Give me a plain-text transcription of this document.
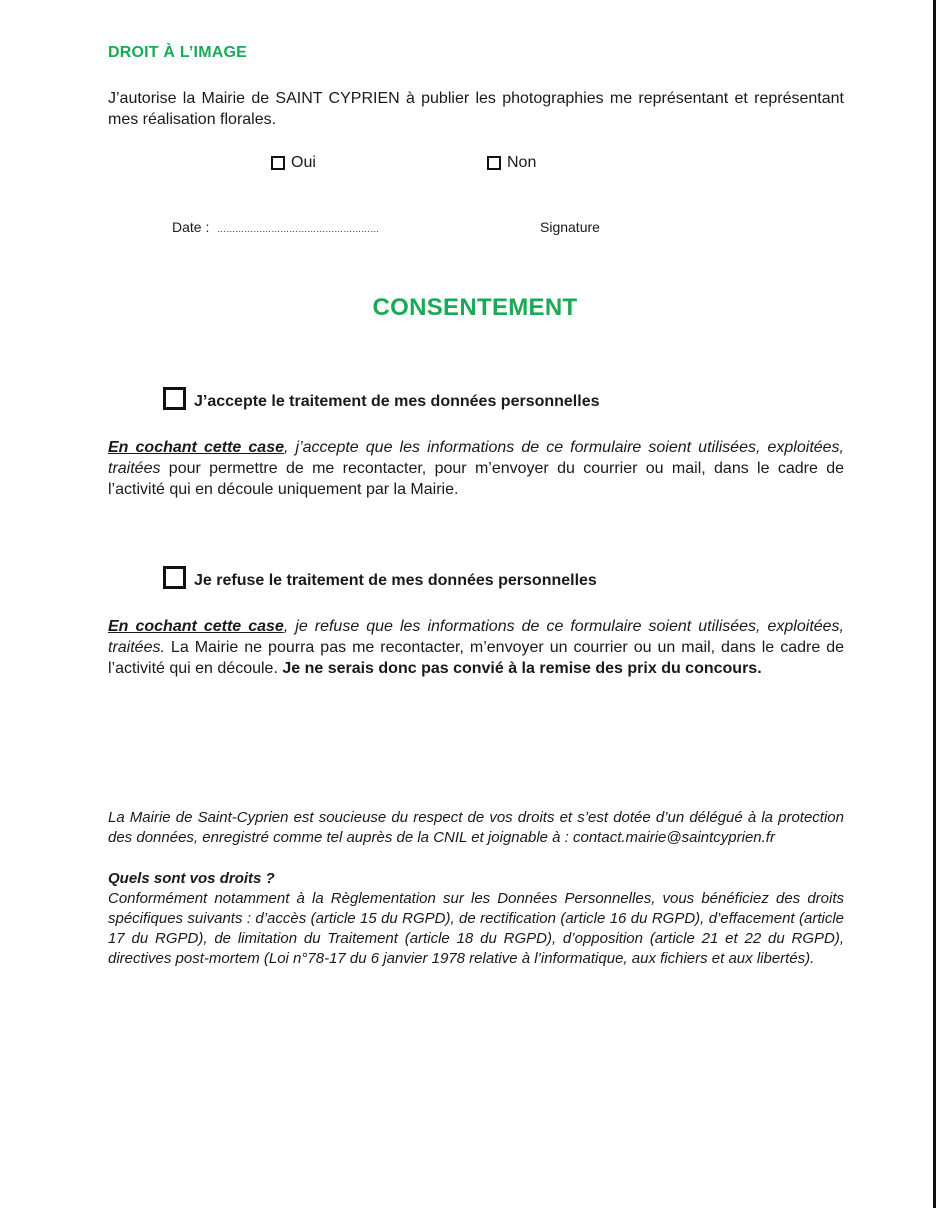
DROIT À L’IMAGE
J’autorise la Mairie de SAINT CYPRIEN à publier les photographies me représentant et représentant mes réalisation florales.
Oui	Non
Date : ………………………………………………	Signature
CONSENTEMENT
J’accepte le traitement de mes données personnelles
En cochant cette case, j’accepte que les informations de ce formulaire soient utilisées, exploitées, traitées pour permettre de me recontacter, pour m’envoyer du courrier ou mail, dans le cadre de l’activité qui en découle uniquement par la Mairie.
Je refuse le traitement de mes données personnelles
En cochant cette case, je refuse que les informations de ce formulaire soient utilisées, exploitées, traitées. La Mairie ne pourra pas me recontacter, m’envoyer un courrier ou un mail, dans le cadre de l’activité qui en découle. Je ne serais donc pas convié à la remise des prix du concours.
La Mairie de Saint-Cyprien est soucieuse du respect de vos droits et s’est dotée d’un délégué à la protection des données, enregistré comme tel auprès de la CNIL et joignable à : contact.mairie@saintcyprien.fr
Quels sont vos droits ?
Conformément notamment à la Règlementation sur les Données Personnelles, vous bénéficiez des droits spécifiques suivants : d’accès (article 15 du RGPD), de rectification (article 16 du RGPD), d’effacement (article 17 du RGPD), de limitation du Traitement (article 18 du RGPD), d’opposition (article 21 et 22 du RGPD), directives post-mortem (Loi n°78-17 du 6 janvier 1978 relative à l’informatique, aux fichiers et aux libertés).
